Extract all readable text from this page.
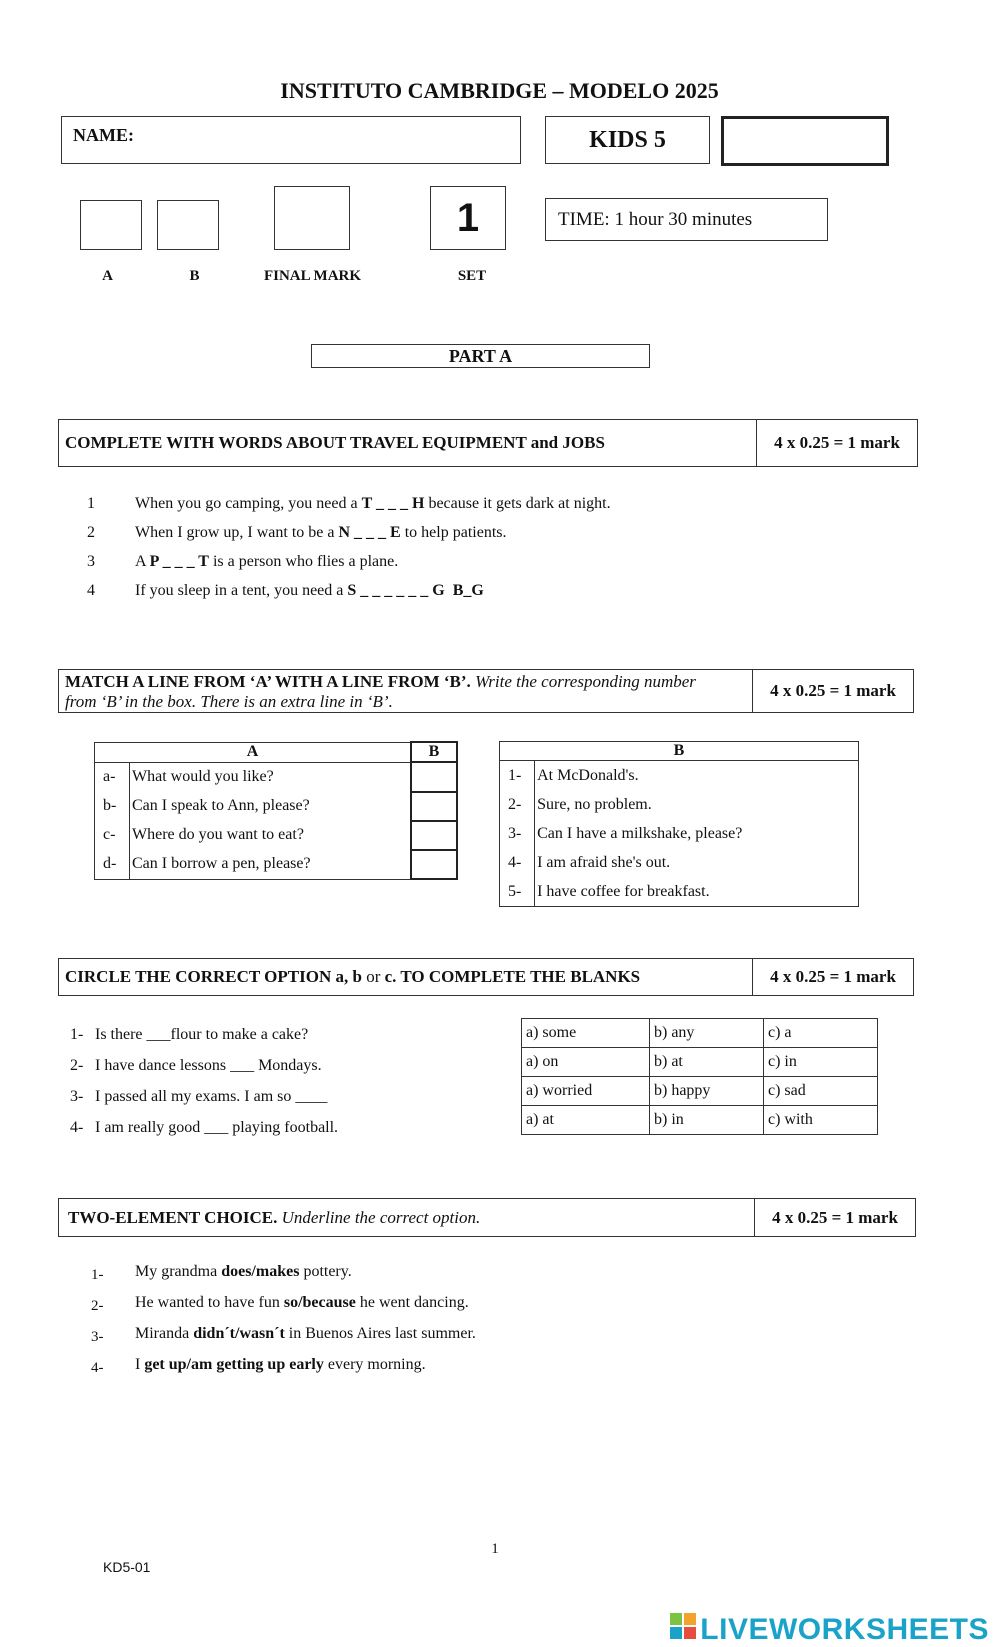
INSTITUTO CAMBRIDGE – MODELO 2025
NAME:	KIDS 5
1	TIME: 1 hour 30 minutes
A	B	FINAL MARK	SET
PART A
COMPLETE WITH WORDS ABOUT TRAVEL EQUIPMENT and JOBS	4 x 0.25 = 1 mark
1	When you go camping, you need a T _ _ _ H because it gets dark at night.
2	When I grow up, I want to be a N _ _ _ E to help patients.
3	A P _ _ _ T is a person who flies a plane.
4	If you sleep in a tent, you need a S _ _ _ _ _ _ G  B_G
MATCH A LINE FROM ‘A’ WITH A LINE FROM ‘B’. Write the corresponding number
from ‘B’ in the box. There is an extra line in ‘B’.
4 x 0.25 = 1 mark
A		B
a-	What would you like?	
b-	Can I speak to Ann, please?	
c-	Where do you want to eat?	
d-	Can I borrow a pen, please?	
B	
1-	At McDonald's.
2-	Sure, no problem.
3-	Can I have a milkshake, please?
4-	I am afraid she's out.
5-	I have coffee for breakfast.
CIRCLE THE CORRECT OPTION a, b or c. TO COMPLETE THE BLANKS	4 x 0.25 = 1 mark
1- Is there ___flour to make a cake?
2- I have dance lessons ___ Mondays.
3- I passed all my exams. I am so ____
4- I am really good ___ playing football.
a) some	b) any	c) a
a) on	b) at	c) in
a) worried	b) happy	c) sad
a) at	b) in	c) with
TWO-ELEMENT CHOICE. Underline the correct option.	4 x 0.25 = 1 mark
1- My grandma does/makes pottery.
2- He wanted to have fun so/because he went dancing.
3- Miranda didn´t/wasn´t in Buenos Aires last summer.
4- I get up/am getting up early every morning.
1
KD5-01
LIVEWORKSHEETS
